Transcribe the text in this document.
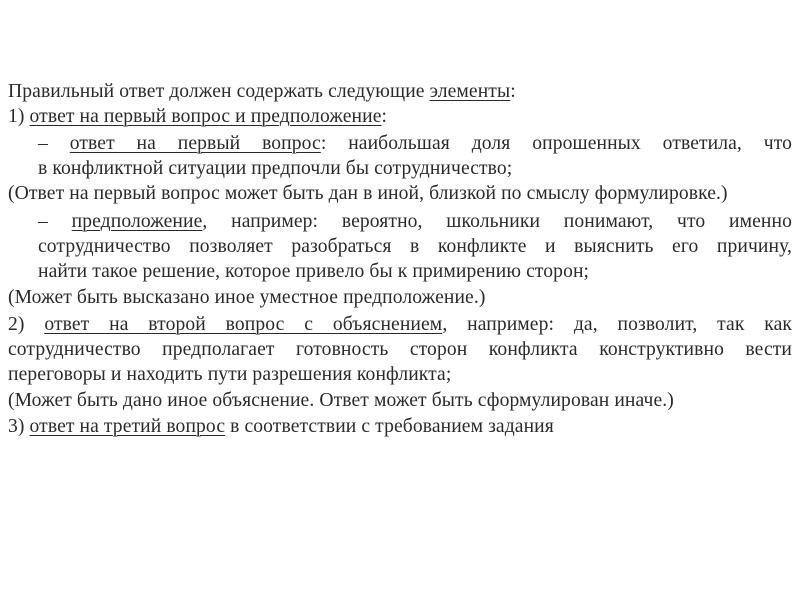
Правильный ответ должен содержать следующие элементы:
1) ответ на первый вопрос и предположение:
– ответ на первый вопрос: наибольшая доля опрошенных ответила, что
в конфликтной ситуации предпочли бы сотрудничество;
(Ответ на первый вопрос может быть дан в иной, близкой по смыслу формулировке.)
– предположение, например: вероятно, школьники понимают, что именно
сотрудничество позволяет разобраться в конфликте и выяснить его причину,
найти такое решение, которое привело бы к примирению сторон;
(Может быть высказано иное уместное предположение.)
2) ответ на второй вопрос с объяснением, например: да, позволит, так как
сотрудничество предполагает готовность сторон конфликта конструктивно вести
переговоры и находить пути разрешения конфликта;
(Может быть дано иное объяснение. Ответ может быть сформулирован иначе.)
3) ответ на третий вопрос в соответствии с требованием задания
